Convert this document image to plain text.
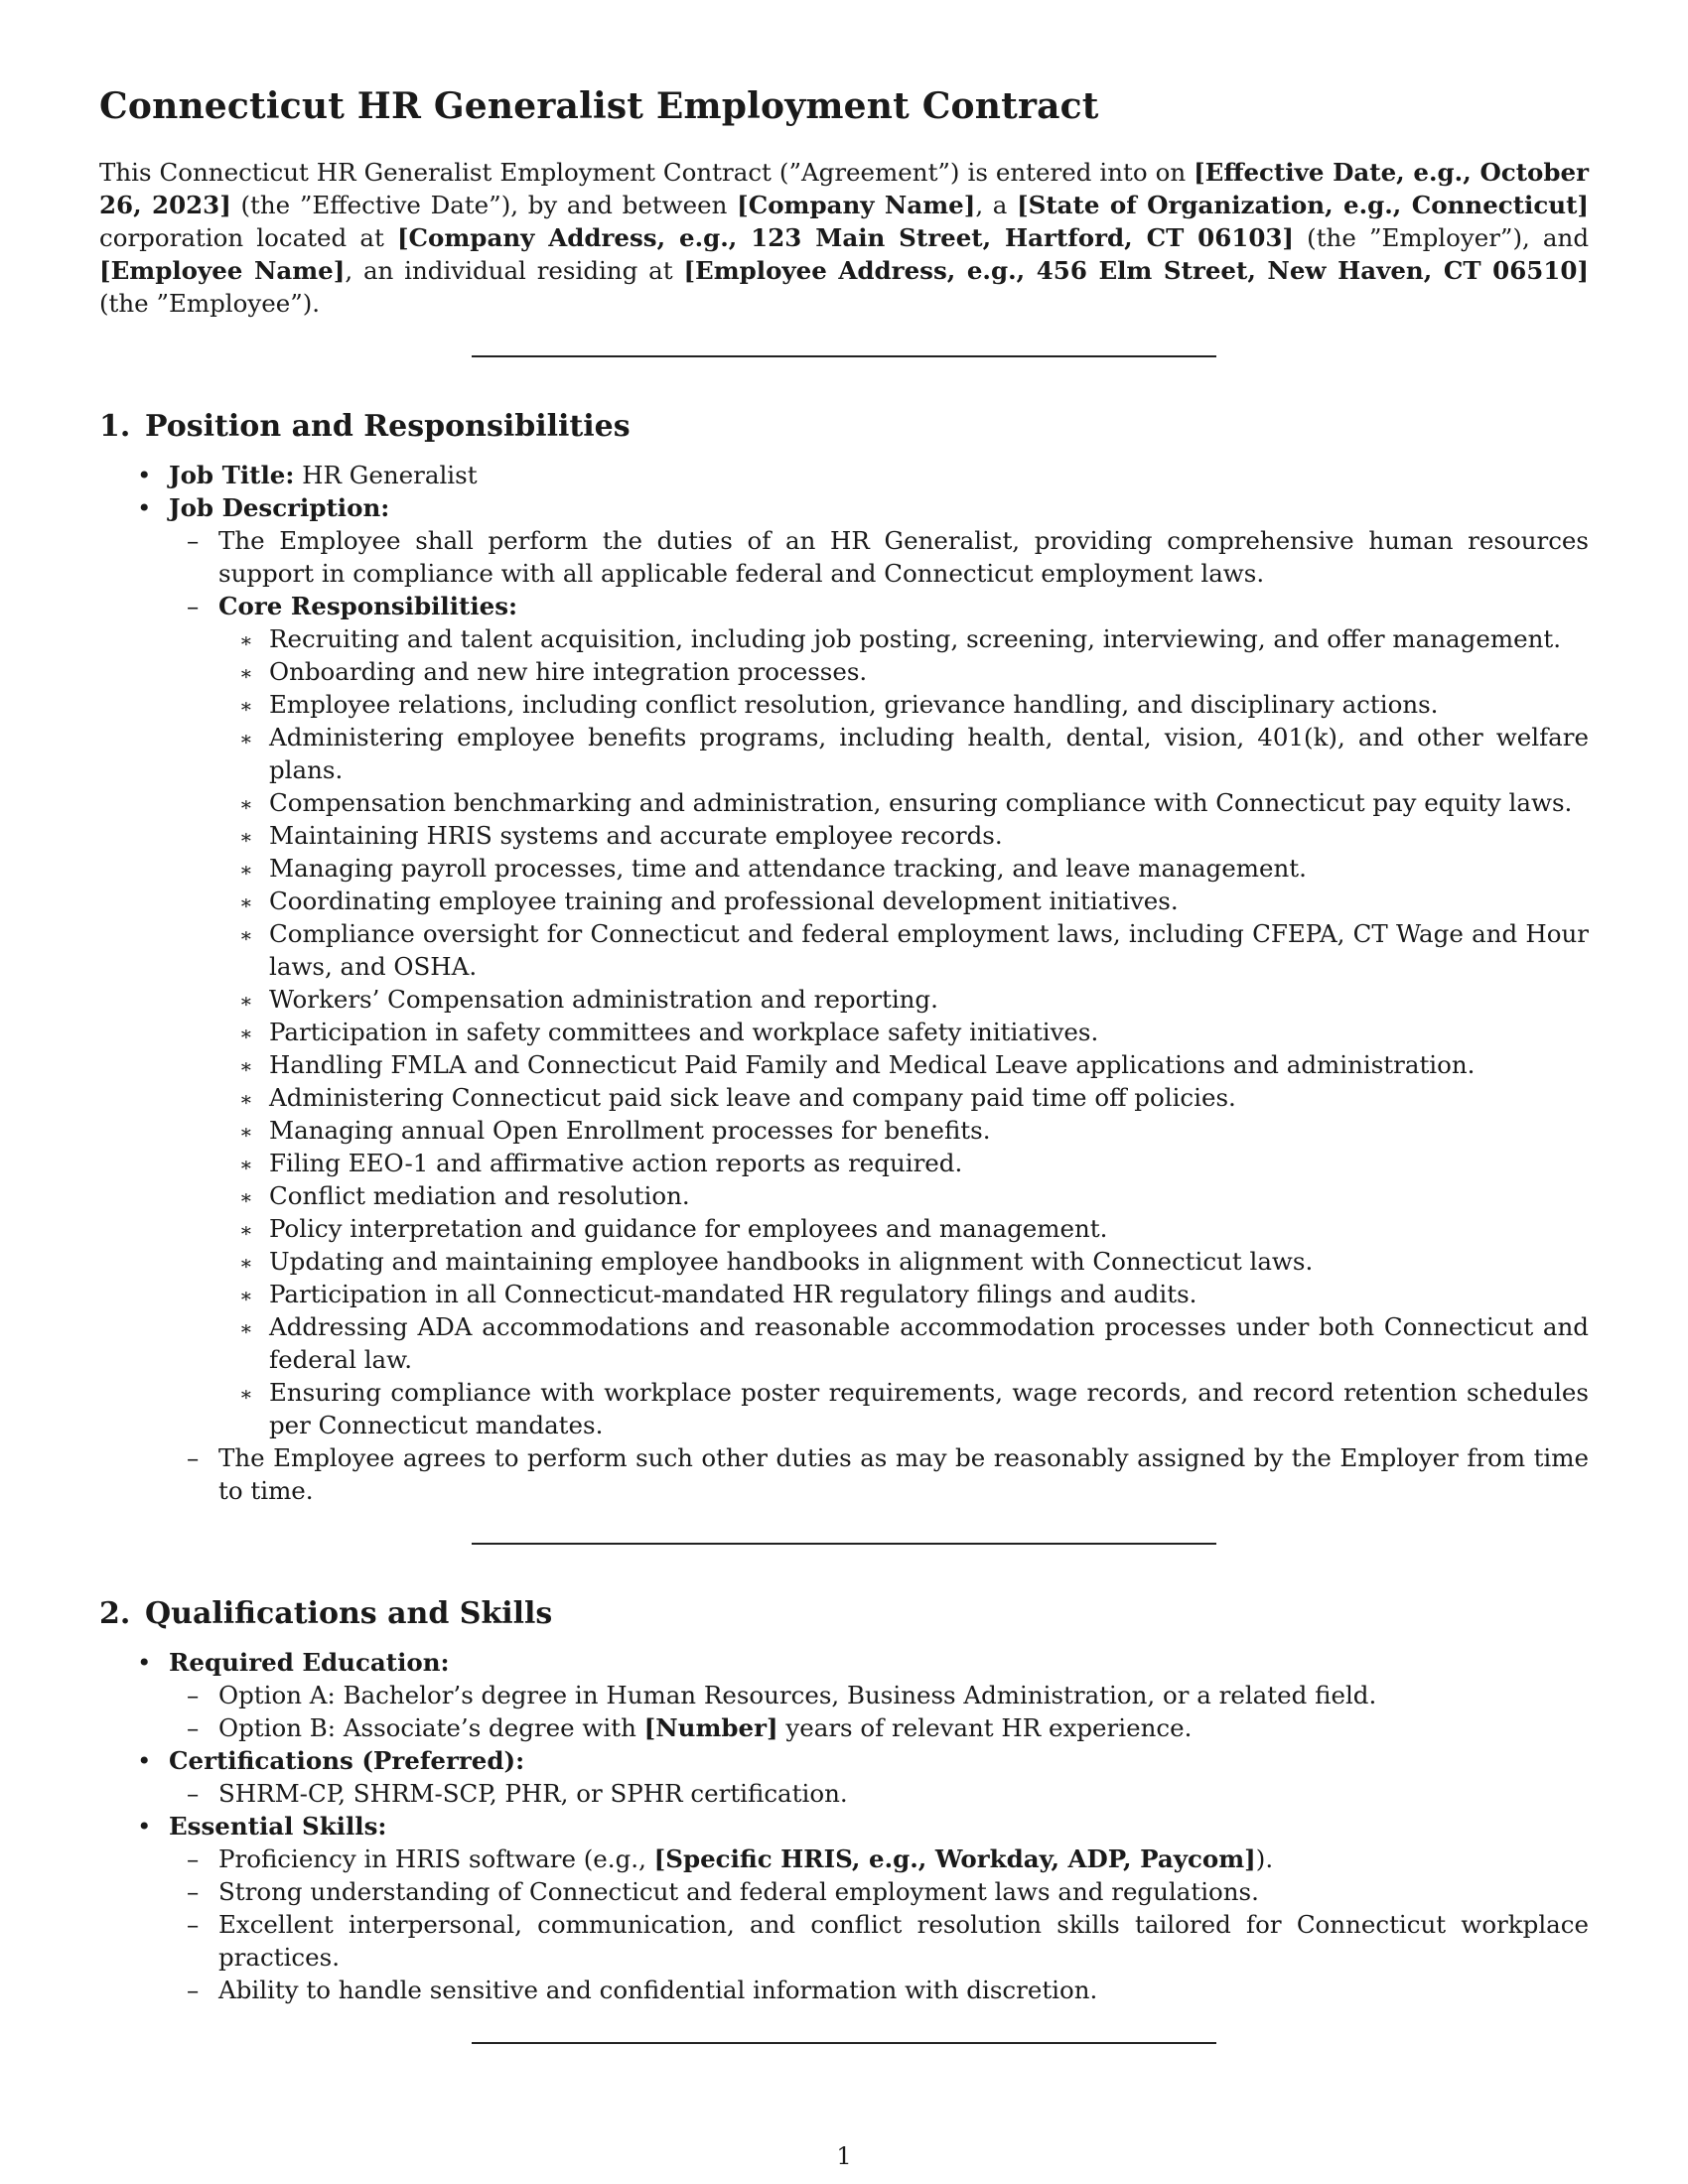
Connecticut HR Generalist Employment Contract

This Connecticut HR Generalist Employment Contract (”Agreement”) is entered into on [Effective Date, e.g., October 26, 2023] (the ”Effective Date”), by and between [Company Name], a [State of Organization, e.g., Connecticut] corporation located at [Company Address, e.g., 123 Main Street, Hartford, CT 06103] (the ”Employer”), and [Employee Name], an individual residing at [Employee Address, e.g., 456 Elm Street, New Haven, CT 06510] (the ”Employee”).

1. Position and Responsibilities
• Job Title: HR Generalist
• Job Description:
– The Employee shall perform the duties of an HR Generalist, providing comprehensive human resources support in compliance with all applicable federal and Connecticut employment laws.
– Core Responsibilities:
∗ Recruiting and talent acquisition, including job posting, screening, interviewing, and offer management.
∗ Onboarding and new hire integration processes.
∗ Employee relations, including conflict resolution, grievance handling, and disciplinary actions.
∗ Administering employee benefits programs, including health, dental, vision, 401(k), and other welfare plans.
∗ Compensation benchmarking and administration, ensuring compliance with Connecticut pay equity laws.
∗ Maintaining HRIS systems and accurate employee records.
∗ Managing payroll processes, time and attendance tracking, and leave management.
∗ Coordinating employee training and professional development initiatives.
∗ Compliance oversight for Connecticut and federal employment laws, including CFEPA, CT Wage and Hour laws, and OSHA.
∗ Workers’ Compensation administration and reporting.
∗ Participation in safety committees and workplace safety initiatives.
∗ Handling FMLA and Connecticut Paid Family and Medical Leave applications and administration.
∗ Administering Connecticut paid sick leave and company paid time off policies.
∗ Managing annual Open Enrollment processes for benefits.
∗ Filing EEO-1 and affirmative action reports as required.
∗ Conflict mediation and resolution.
∗ Policy interpretation and guidance for employees and management.
∗ Updating and maintaining employee handbooks in alignment with Connecticut laws.
∗ Participation in all Connecticut-mandated HR regulatory filings and audits.
∗ Addressing ADA accommodations and reasonable accommodation processes under both Connecticut and federal law.
∗ Ensuring compliance with workplace poster requirements, wage records, and record retention schedules per Connecticut mandates.
– The Employee agrees to perform such other duties as may be reasonably assigned by the Employer from time to time.
2. Qualifications and Skills
• Required Education:
– Option A: Bachelor’s degree in Human Resources, Business Administration, or a related field.
– Option B: Associate’s degree with [Number] years of relevant HR experience.
• Certifications (Preferred):
– SHRM-CP, SHRM-SCP, PHR, or SPHR certification.
• Essential Skills:
– Proficiency in HRIS software (e.g., [Specific HRIS, e.g., Workday, ADP, Paycom]).
– Strong understanding of Connecticut and federal employment laws and regulations.
– Excellent interpersonal, communication, and conflict resolution skills tailored for Connecticut workplace practices.
– Ability to handle sensitive and confidential information with discretion.
1
